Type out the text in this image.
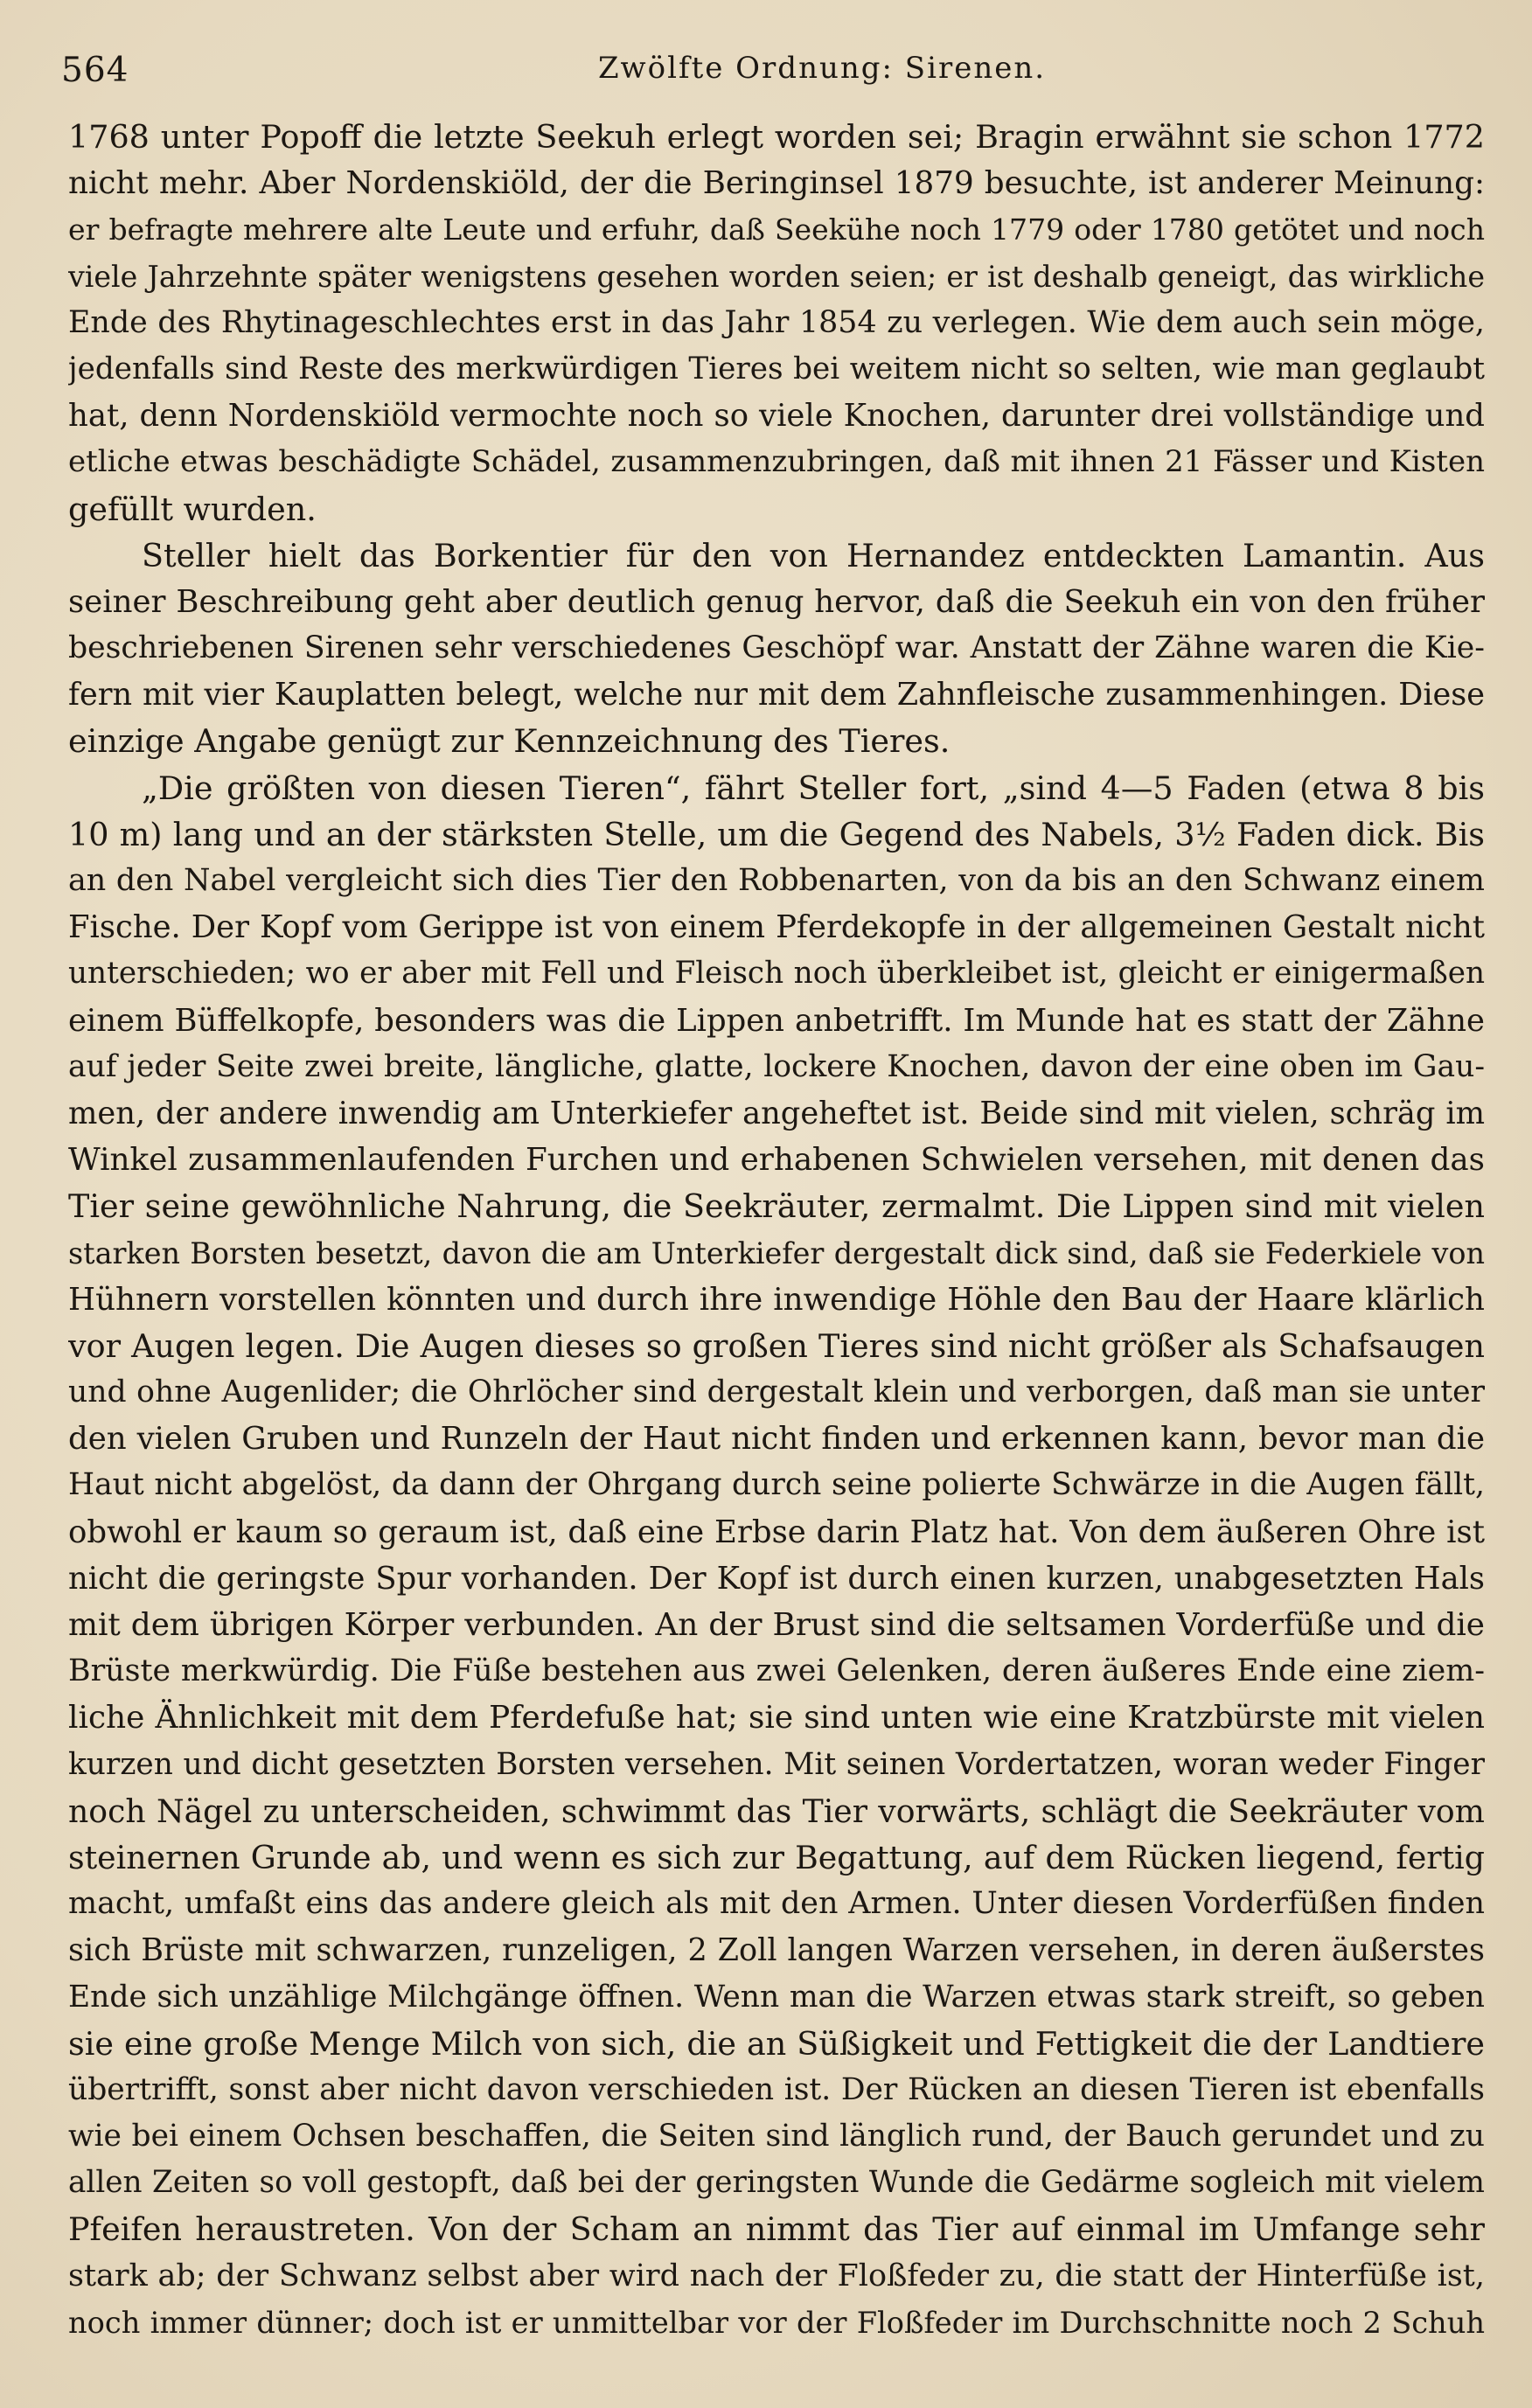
564	Zwölfte Ordnung: Sirenen.
1768 unter Popoff die letzte Seekuh erlegt worden sei; Bragin erwähnt sie schon 1772
nicht mehr. Aber Nordenskiöld, der die Beringinsel 1879 besuchte, ist anderer Meinung:
er befragte mehrere alte Leute und erfuhr, daß Seekühe noch 1779 oder 1780 getötet und noch
viele Jahrzehnte später wenigstens gesehen worden seien; er ist deshalb geneigt, das wirkliche
Ende des Rhytinageschlechtes erst in das Jahr 1854 zu verlegen. Wie dem auch sein möge,
jedenfalls sind Reste des merkwürdigen Tieres bei weitem nicht so selten, wie man geglaubt
hat, denn Nordenskiöld vermochte noch so viele Knochen, darunter drei vollständige und
etliche etwas beschädigte Schädel, zusammenzubringen, daß mit ihnen 21 Fässer und Kisten
gefüllt wurden.
Steller hielt das Borkentier für den von Hernandez entdeckten Lamantin. Aus
seiner Beschreibung geht aber deutlich genug hervor, daß die Seekuh ein von den früher
beschriebenen Sirenen sehr verschiedenes Geschöpf war. Anstatt der Zähne waren die Kie-
fern mit vier Kauplatten belegt, welche nur mit dem Zahnfleische zusammenhingen. Diese
einzige Angabe genügt zur Kennzeichnung des Tieres.
„Die größten von diesen Tieren“, fährt Steller fort, „sind 4—5 Faden (etwa 8 bis
10 m) lang und an der stärksten Stelle, um die Gegend des Nabels, 3½ Faden dick. Bis
an den Nabel vergleicht sich dies Tier den Robbenarten, von da bis an den Schwanz einem
Fische. Der Kopf vom Gerippe ist von einem Pferdekopfe in der allgemeinen Gestalt nicht
unterschieden; wo er aber mit Fell und Fleisch noch überkleibet ist, gleicht er einigermaßen
einem Büffelkopfe, besonders was die Lippen anbetrifft. Im Munde hat es statt der Zähne
auf jeder Seite zwei breite, längliche, glatte, lockere Knochen, davon der eine oben im Gau-
men, der andere inwendig am Unterkiefer angeheftet ist. Beide sind mit vielen, schräg im
Winkel zusammenlaufenden Furchen und erhabenen Schwielen versehen, mit denen das
Tier seine gewöhnliche Nahrung, die Seekräuter, zermalmt. Die Lippen sind mit vielen
starken Borsten besetzt, davon die am Unterkiefer dergestalt dick sind, daß sie Federkiele von
Hühnern vorstellen könnten und durch ihre inwendige Höhle den Bau der Haare klärlich
vor Augen legen. Die Augen dieses so großen Tieres sind nicht größer als Schafsaugen
und ohne Augenlider; die Ohrlöcher sind dergestalt klein und verborgen, daß man sie unter
den vielen Gruben und Runzeln der Haut nicht finden und erkennen kann, bevor man die
Haut nicht abgelöst, da dann der Ohrgang durch seine polierte Schwärze in die Augen fällt,
obwohl er kaum so geraum ist, daß eine Erbse darin Platz hat. Von dem äußeren Ohre ist
nicht die geringste Spur vorhanden. Der Kopf ist durch einen kurzen, unabgesetzten Hals
mit dem übrigen Körper verbunden. An der Brust sind die seltsamen Vorderfüße und die
Brüste merkwürdig. Die Füße bestehen aus zwei Gelenken, deren äußeres Ende eine ziem-
liche Ähnlichkeit mit dem Pferdefuße hat; sie sind unten wie eine Kratzbürste mit vielen
kurzen und dicht gesetzten Borsten versehen. Mit seinen Vordertatzen, woran weder Finger
noch Nägel zu unterscheiden, schwimmt das Tier vorwärts, schlägt die Seekräuter vom
steinernen Grunde ab, und wenn es sich zur Begattung, auf dem Rücken liegend, fertig
macht, umfaßt eins das andere gleich als mit den Armen. Unter diesen Vorderfüßen finden
sich Brüste mit schwarzen, runzeligen, 2 Zoll langen Warzen versehen, in deren äußerstes
Ende sich unzählige Milchgänge öffnen. Wenn man die Warzen etwas stark streift, so geben
sie eine große Menge Milch von sich, die an Süßigkeit und Fettigkeit die der Landtiere
übertrifft, sonst aber nicht davon verschieden ist. Der Rücken an diesen Tieren ist ebenfalls
wie bei einem Ochsen beschaffen, die Seiten sind länglich rund, der Bauch gerundet und zu
allen Zeiten so voll gestopft, daß bei der geringsten Wunde die Gedärme sogleich mit vielem
Pfeifen heraustreten. Von der Scham an nimmt das Tier auf einmal im Umfange sehr
stark ab; der Schwanz selbst aber wird nach der Floßfeder zu, die statt der Hinterfüße ist,
noch immer dünner; doch ist er unmittelbar vor der Floßfeder im Durchschnitte noch 2 Schuh
